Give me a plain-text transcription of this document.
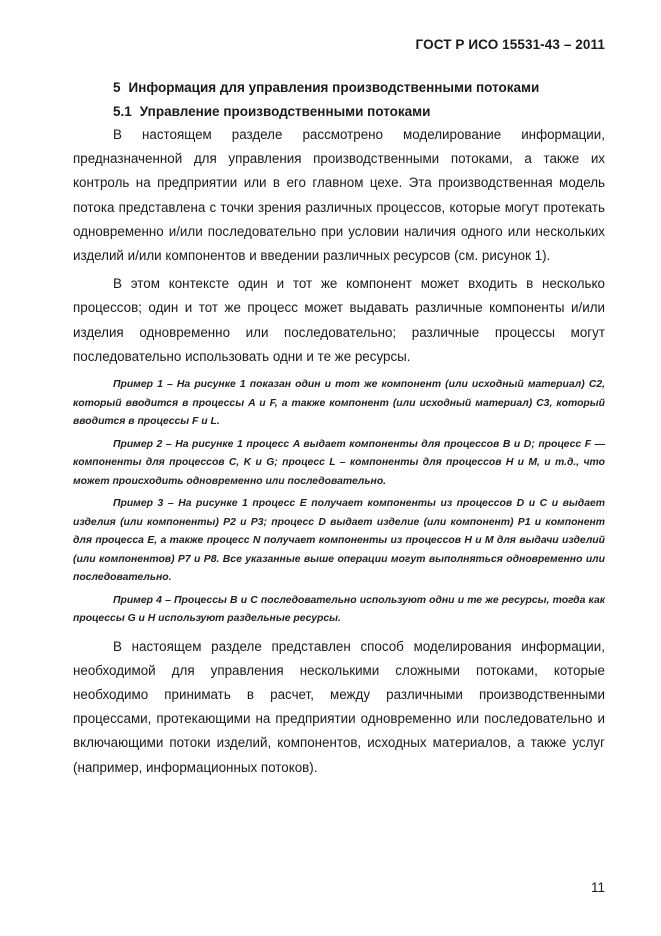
ГОСТ Р ИСО 15531-43 – 2011
5 Информация для управления производственными потоками
5.1 Управление производственными потоками

В настоящем разделе рассмотрено моделирование информации, предназначенной для управления производственными потоками, а также их контроль на предприятии или в его главном цехе. Эта производственная модель потока представлена с точки зрения различных процессов, которые могут протекать одновременно и/или последовательно при условии наличия одного или нескольких изделий и/или компонентов и введении различных ресурсов (см. рисунок 1).

В этом контексте один и тот же компонент может входить в несколько процессов; один и тот же процесс может выдавать различные компоненты и/или изделия одновременно или последовательно; различные процессы могут последовательно использовать одни и те же ресурсы.

Пример 1 – На рисунке 1 показан один и тот же компонент (или исходный материал) C2, который вводится в процессы A и F, а также компонент (или исходный материал) C3, который вводится в процессы F и L.

Пример 2 – На рисунке 1 процесс A выдает компоненты для процессов B и D; процесс F — компоненты для процессов C, K и G; процесс L – компоненты для процессов H и M, и т.д., что может происходить одновременно или последовательно.

Пример 3 – На рисунке 1 процесс E получает компоненты из процессов D и C и выдает изделия (или компоненты) P2 и P3; процесс D выдает изделие (или компонент) P1 и компонент для процесса E, а также процесс N получает компоненты из процессов H и M для выдачи изделий (или компонентов) P7 и P8. Все указанные выше операции могут выполняться одновременно или последовательно.

Пример 4 – Процессы B и C последовательно используют одни и те же ресурсы, тогда как процессы G и H используют раздельные ресурсы.

В настоящем разделе представлен способ моделирования информации, необходимой для управления несколькими сложными потоками, которые необходимо принимать в расчет, между различными производственными процессами, протекающими на предприятии одновременно или последовательно и включающими потоки изделий, компонентов, исходных материалов, а также услуг (например, информационных потоков).

11
